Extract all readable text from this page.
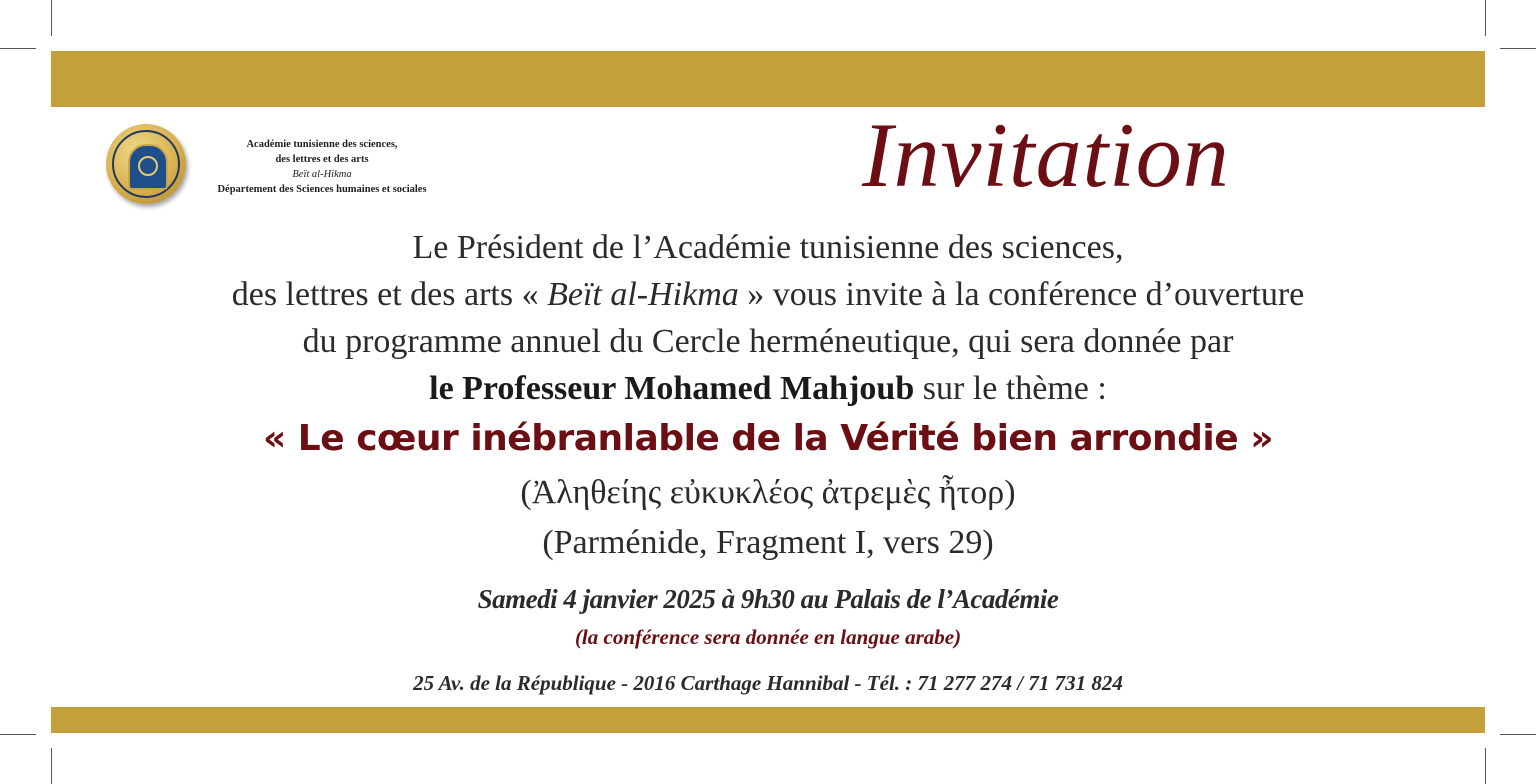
Académie tunisienne des sciences,
des lettres et des arts
Beït al-Hikma
Département des Sciences humaines et sociales	Invitation

Le Président de l’Académie tunisienne des sciences,

des lettres et des arts « Beït al-Hikma » vous invite à la conférence d’ouverture

du programme annuel du Cercle herméneutique, qui sera donnée par

le Professeur Mohamed Mahjoub sur le thème :

« Le cœur inébranlable de la Vérité bien arrondie »
(Ἀληθείης εὐκυκλέος ἀτρεμὲς ἦτορ)
(Parménide, Fragment I, vers 29)
Samedi 4 janvier 2025 à 9h30 au Palais de l’Académie
(la conférence sera donnée en langue arabe)
25 Av. de la République - 2016 Carthage Hannibal - Tél. : 71 277 274 / 71 731 824
